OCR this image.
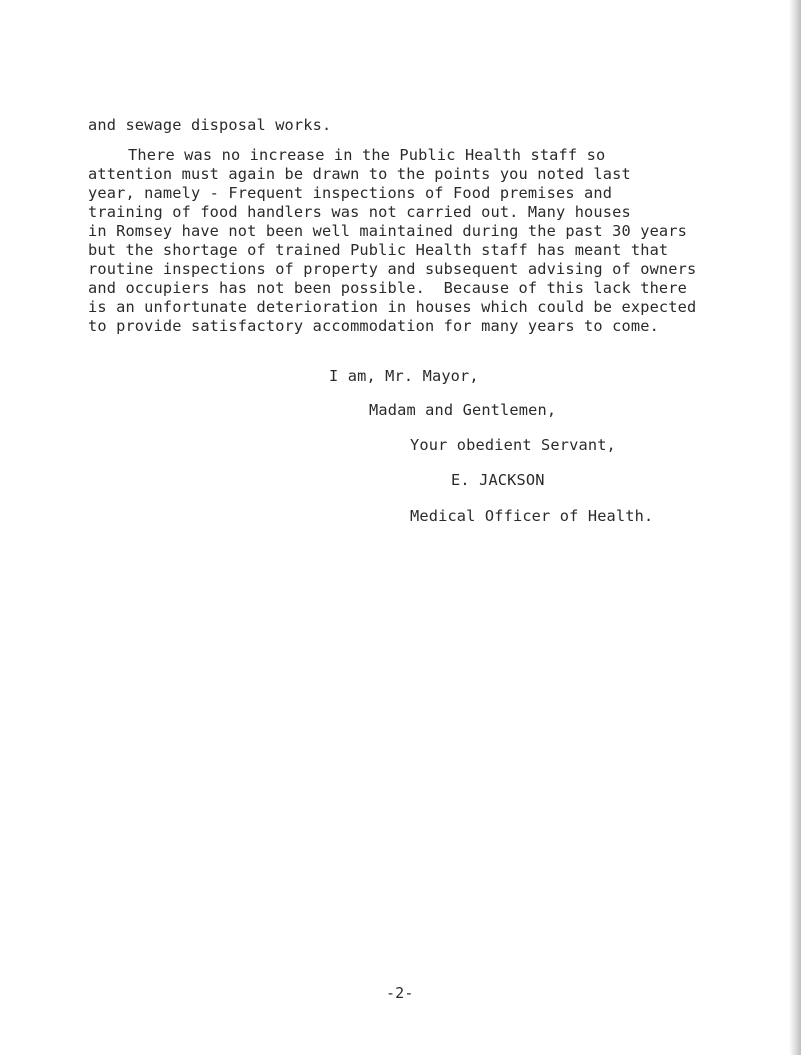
and sewage disposal works.
There was no increase in the Public Health staff so
attention must again be drawn to the points you noted last
year, namely - Frequent inspections of Food premises and
training of food handlers was not carried out. Many houses
in Romsey have not been well maintained during the past 30 years
but the shortage of trained Public Health staff has meant that
routine inspections of property and subsequent advising of owners
and occupiers has not been possible.  Because of this lack there
is an unfortunate deterioration in houses which could be expected
to provide satisfactory accommodation for many years to come.
I am, Mr. Mayor,
Madam and Gentlemen,
Your obedient Servant,
E. JACKSON
Medical Officer of Health.
-2-
